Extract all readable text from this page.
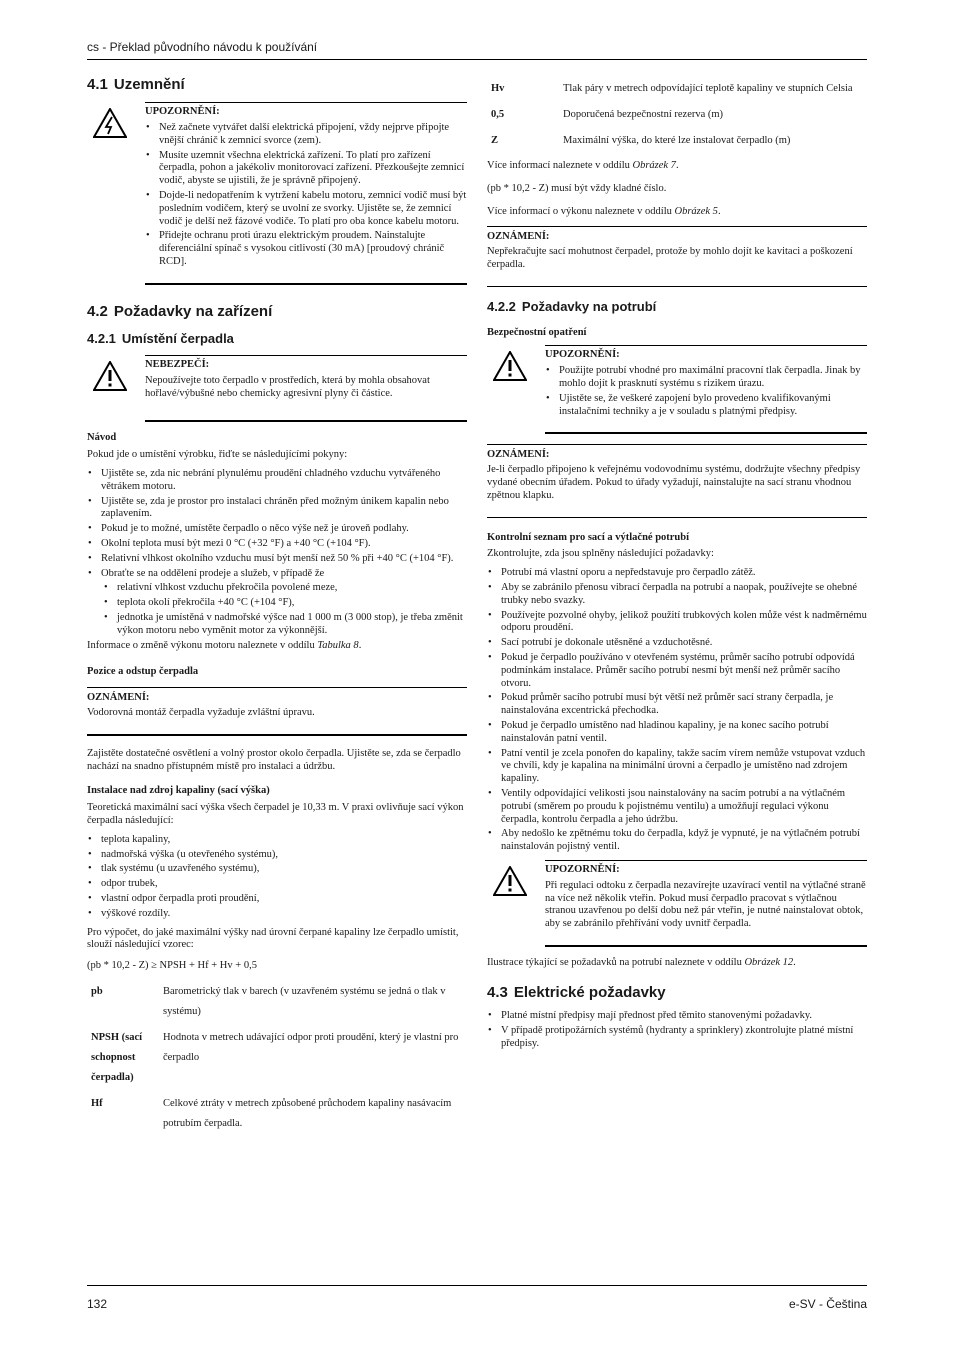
cs - Překlad původního návodu k používání
4.1 Uzemnění
UPOZORNĚNÍ:
• Než začnete vytvářet další elektrická připojení, vždy nejprve připojte vnější chránič k zemnicí svorce (zem).
• Musíte uzemnit všechna elektrická zařízení. To platí pro zařízení čerpadla, pohon a jakékoliv monitorovací zařízení. Přezkoušejte zemnicí vodič, abyste se ujistili, že je správně připojený.
• Dojde-li nedopatřením k vytržení kabelu motoru, zemnicí vodič musí být posledním vodičem, který se uvolní ze svorky. Ujistěte se, že zemnicí vodič je delší než fázové vodiče. To platí pro oba konce kabelu motoru.
• Přidejte ochranu proti úrazu elektrickým proudem. Nainstalujte diferenciální spínač s vysokou citlivostí (30 mA) [proudový chránič RCD].
4.2 Požadavky na zařízení
4.2.1 Umístění čerpadla
NEBEZPEČÍ:

Nepoužívejte toto čerpadlo v prostředích, která by mohla obsahovat hořlavé/výbušné nebo chemicky agresivní plyny či částice.

Návod

Pokud jde o umístění výrobku, řiďte se následujícími pokyny:

• Ujistěte se, zda nic nebrání plynulému proudění chladného vzduchu vytvářeného větrákem motoru.
• Ujistěte se, zda je prostor pro instalaci chráněn před možným únikem kapalin nebo zaplavením.
• Pokud je to možné, umístěte čerpadlo o něco výše než je úroveň podlahy.
• Okolní teplota musí být mezi 0 °C (+32 °F) a +40 °C (+104 °F).
• Relativní vlhkost okolního vzduchu musí být menší než 50 % při +40 °C (+104 °F).
• Obraťte se na oddělení prodeje a služeb, v případě že
• relativní vlhkost vzduchu překročila povolené meze,
• teplota okolí překročila +40 °C (+104 °F),
• jednotka je umístěná v nadmořské výšce nad 1 000 m (3 000 stop), je třeba změnit výkon motoru nebo vyměnit motor za výkonnější.

Informace o změně výkonu motoru naleznete v oddílu Tabulka 8.

Pozice a odstup čerpadla
OZNÁMENÍ:

Vodorovná montáž čerpadla vyžaduje zvláštní úpravu.

Zajistěte dostatečné osvětlení a volný prostor okolo čerpadla. Ujistěte se, zda se čerpadlo nachází na snadno přístupném místě pro instalaci a údržbu.

Instalace nad zdroj kapaliny (sací výška)

Teoretická maximální sací výška všech čerpadel je 10,33 m. V praxi ovlivňuje sací výkon čerpadla následující:

• teplota kapaliny,
• nadmořská výška (u otevřeného systému),
• tlak systému (u uzavřeného systému),
• odpor trubek,
• vlastní odpor čerpadla proti proudění,
• výškové rozdíly.

Pro výpočet, do jaké maximální výšky nad úrovní čerpané kapaliny lze čerpadlo umístit, slouží následující vzorec:

(pb * 10,2 - Z) ≥ NPSH + Hf + Hv + 0,5

pb	Barometrický tlak v barech (v uzavřeném systému se jedná o tlak v systému)
NPSH (sací schopnost čerpadla)	Hodnota v metrech udávající odpor proti proudění, který je vlastní pro čerpadlo
Hf	Celkové ztráty v metrech způsobené průchodem kapaliny nasávacím potrubím čerpadla.
Hv	Tlak páry v metrech odpovídající teplotě kapaliny ve stupních Celsia
0,5	Doporučená bezpečnostní rezerva (m)
Z	Maximální výška, do které lze instalovat čerpadlo (m)

Více informací naleznete v oddílu Obrázek 7.

(pb * 10,2 - Z) musí být vždy kladné číslo.

Více informací o výkonu naleznete v oddílu Obrázek 5.

OZNÁMENÍ:

Nepřekračujte sací mohutnost čerpadel, protože by mohlo dojít ke kavitaci a poškození čerpadla.

4.2.2 Požadavky na potrubí
Bezpečnostní opatření
UPOZORNĚNÍ:
• Použijte potrubí vhodné pro maximální pracovní tlak čerpadla. Jinak by mohlo dojít k prasknutí systému s rizikem úrazu.
• Ujistěte se, že veškeré zapojení bylo provedeno kvalifikovanými instalačními techniky a je v souladu s platnými předpisy.
OZNÁMENÍ:

Je-li čerpadlo připojeno k veřejnému vodovodnímu systému, dodržujte všechny předpisy vydané obecním úřadem. Pokud to úřady vyžadují, nainstalujte na sací stranu vhodnou zpětnou klapku.

Kontrolní seznam pro sací a výtlačné potrubí

Zkontrolujte, zda jsou splněny následující požadavky:

• Potrubí má vlastní oporu a nepředstavuje pro čerpadlo zátěž.
• Aby se zabránilo přenosu vibrací čerpadla na potrubí a naopak, používejte se ohebné trubky nebo svazky.
• Používejte pozvolné ohyby, jelikož použití trubkových kolen může vést k nadměrnému odporu proudění.
• Sací potrubí je dokonale utěsněné a vzduchotěsné.
• Pokud je čerpadlo používáno v otevřeném systému, průměr sacího potrubí odpovídá podmínkám instalace. Průměr sacího potrubí nesmí být menší než průměr sacího otvoru.
• Pokud průměr sacího potrubí musí být větší než průměr sací strany čerpadla, je nainstalována excentrická přechodka.
• Pokud je čerpadlo umístěno nad hladinou kapaliny, je na konec sacího potrubí nainstalován patní ventil.
• Patní ventil je zcela ponořen do kapaliny, takže sacím vírem nemůže vstupovat vzduch ve chvíli, kdy je kapalina na minimální úrovni a čerpadlo je umístěno nad zdrojem kapaliny.
• Ventily odpovídající velikosti jsou nainstalovány na sacím potrubí a na výtlačném potrubí (směrem po proudu k pojistnému ventilu) a umožňují regulaci výkonu čerpadla, kontrolu čerpadla a jeho údržbu.
• Aby nedošlo ke zpětnému toku do čerpadla, když je vypnuté, je na výtlačném potrubí nainstalován pojistný ventil.
UPOZORNĚNÍ:

Při regulaci odtoku z čerpadla nezavírejte uzavírací ventil na výtlačné straně na více než několik vteřin. Pokud musí čerpadlo pracovat s výtlačnou stranou uzavřenou po delší dobu než pár vteřin, je nutné nainstalovat obtok, aby se zabránilo přehřívání vody uvnitř čerpadla.

Ilustrace týkající se požadavků na potrubí naleznete v oddílu Obrázek 12.

4.3 Elektrické požadavky
• Platné místní předpisy mají přednost před těmito stanovenými požadavky.
• V případě protipožárních systémů (hydranty a sprinklery) zkontrolujte platné místní předpisy.
132	e-SV - Čeština
